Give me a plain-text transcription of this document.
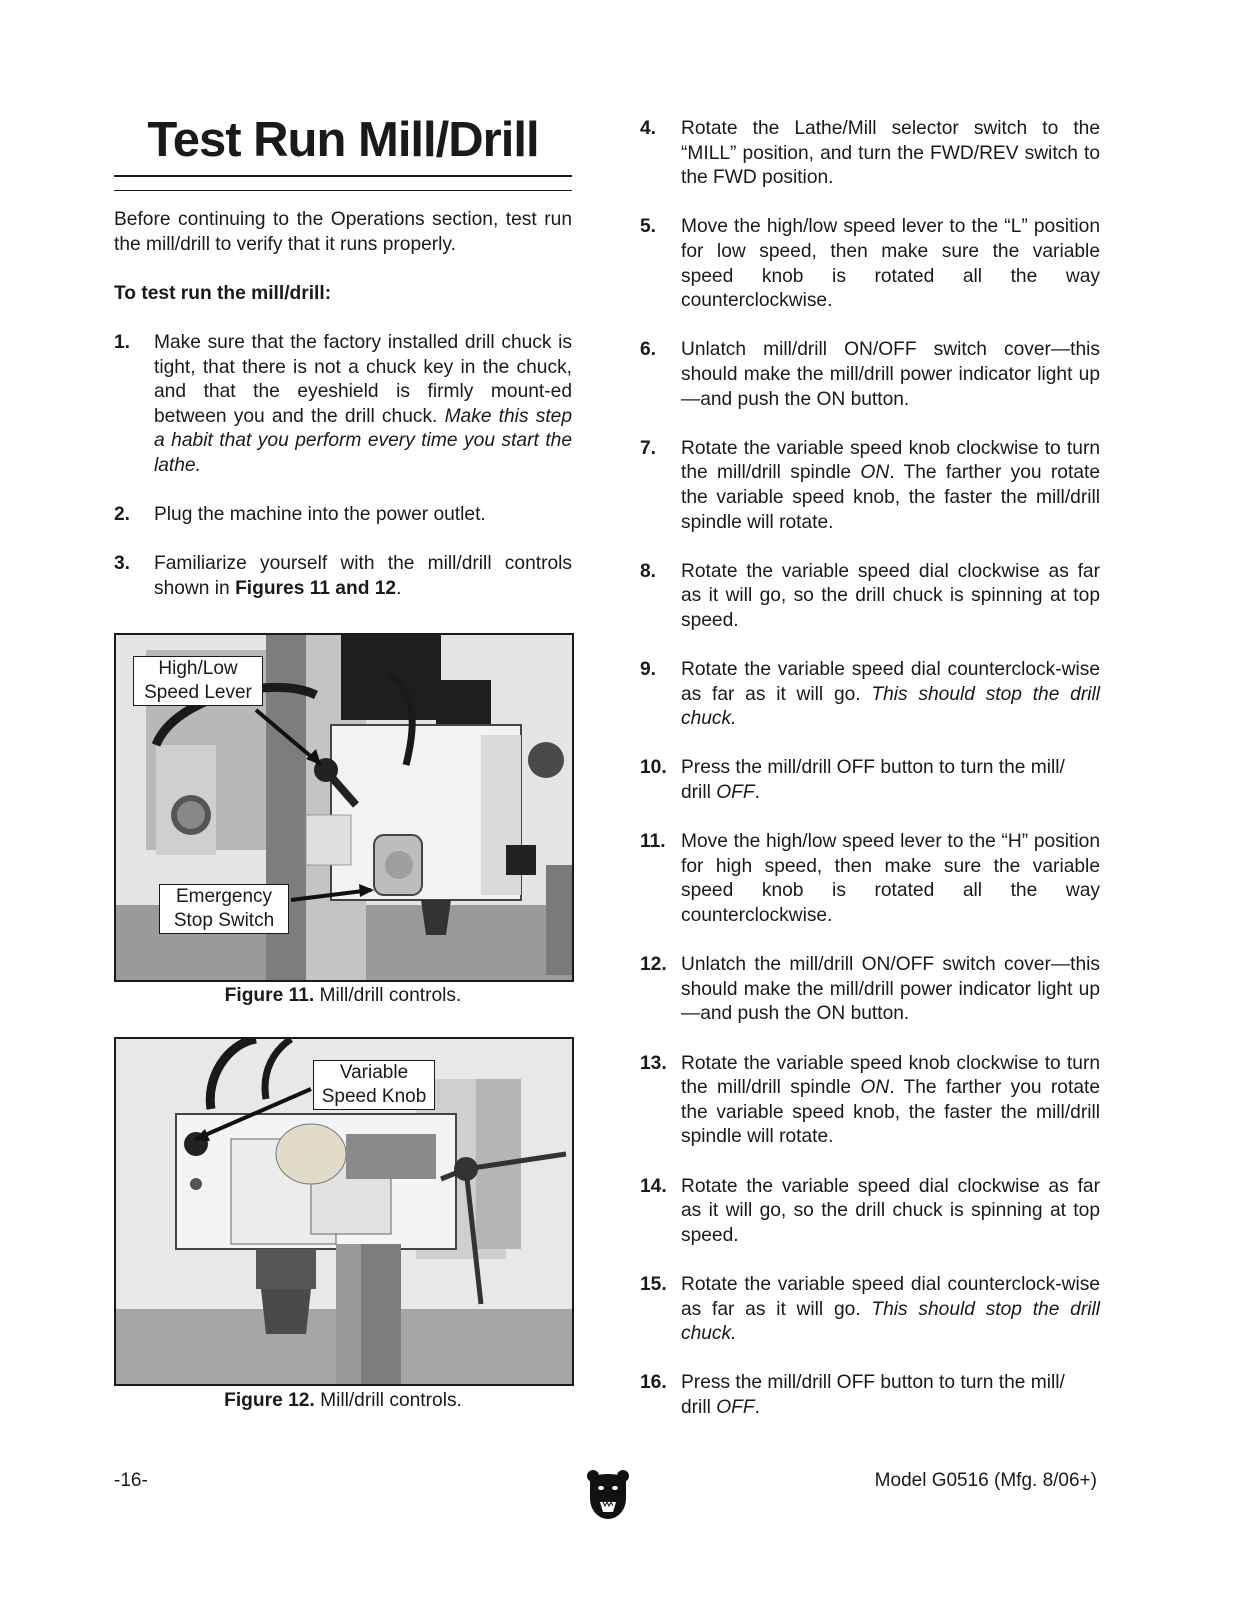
Test Run Mill/Drill

Before continuing to the Operations section, test run the mill/drill to verify that it runs properly.

To test run the mill/drill:

1.	Make sure that the factory installed drill chuck is tight, that there is not a chuck key in the chuck, and that the eyeshield is firmly mount-ed between you and the drill chuck. Make this step a habit that you perform every time you start the lathe.
2.	Plug the machine into the power outlet.
3.	Familiarize yourself with the mill/drill controls shown in Figures 11 and 12.
High/Low Speed Lever
Emergency Stop Switch
Figure 11. Mill/drill controls.
Variable Speed Knob
Figure 12. Mill/drill controls.
4.	Rotate the Lathe/Mill selector switch to the “MILL” position, and turn the FWD/REV switch to the FWD position.
5.	Move the high/low speed lever to the “L” position for low speed, then make sure the variable speed knob is rotated all the way counterclockwise.
6.	Unlatch mill/drill ON/OFF switch cover—this should make the mill/drill power indicator light up—and push the ON button.
7.	Rotate the variable speed knob clockwise to turn the mill/drill spindle ON. The farther you rotate the variable speed knob, the faster the mill/drill spindle will rotate.
8.	Rotate the variable speed dial clockwise as far as it will go, so the drill chuck is spinning at top speed.
9.	Rotate the variable speed dial counterclock-wise as far as it will go. This should stop the drill chuck.
10. Press the mill/drill OFF button to turn the mill/ drill OFF.
11. Move the high/low speed lever to the “H” position for high speed, then make sure the variable speed knob is rotated all the way counterclockwise.
12. Unlatch the mill/drill ON/OFF switch cover—this should make the mill/drill power indicator light up—and push the ON button.
13. Rotate the variable speed knob clockwise to turn the mill/drill spindle ON. The farther you rotate the variable speed knob, the faster the mill/drill spindle will rotate.
14. Rotate the variable speed dial clockwise as far as it will go, so the drill chuck is spinning at top speed.
15. Rotate the variable speed dial counterclock-wise as far as it will go. This should stop the drill chuck.
16. Press the mill/drill OFF button to turn the mill/ drill OFF.
-16-	Model G0516 (Mfg. 8/06+)
